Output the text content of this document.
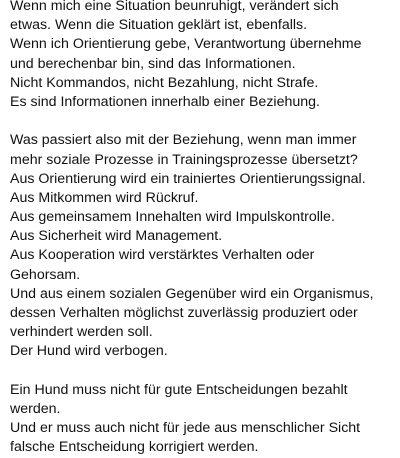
Wenn mich eine Situation beunruhigt, verändert sich
etwas. Wenn die Situation geklärt ist, ebenfalls.
Wenn ich Orientierung gebe, Verantwortung übernehme
und berechenbar bin, sind das Informationen.
Nicht Kommandos, nicht Bezahlung, nicht Strafe.
Es sind Informationen innerhalb einer Beziehung.
Was passiert also mit der Beziehung, wenn man immer
mehr soziale Prozesse in Trainingsprozesse übersetzt?
Aus Orientierung wird ein trainiertes Orientierungssignal.
Aus Mitkommen wird Rückruf.
Aus gemeinsamem Innehalten wird Impulskontrolle.
Aus Sicherheit wird Management.
Aus Kooperation wird verstärktes Verhalten oder
Gehorsam.
Und aus einem sozialen Gegenüber wird ein Organismus,
dessen Verhalten möglichst zuverlässig produziert oder
verhindert werden soll.
Der Hund wird verbogen.
Ein Hund muss nicht für gute Entscheidungen bezahlt
werden.
Und er muss auch nicht für jede aus menschlicher Sicht
falsche Entscheidung korrigiert werden.
